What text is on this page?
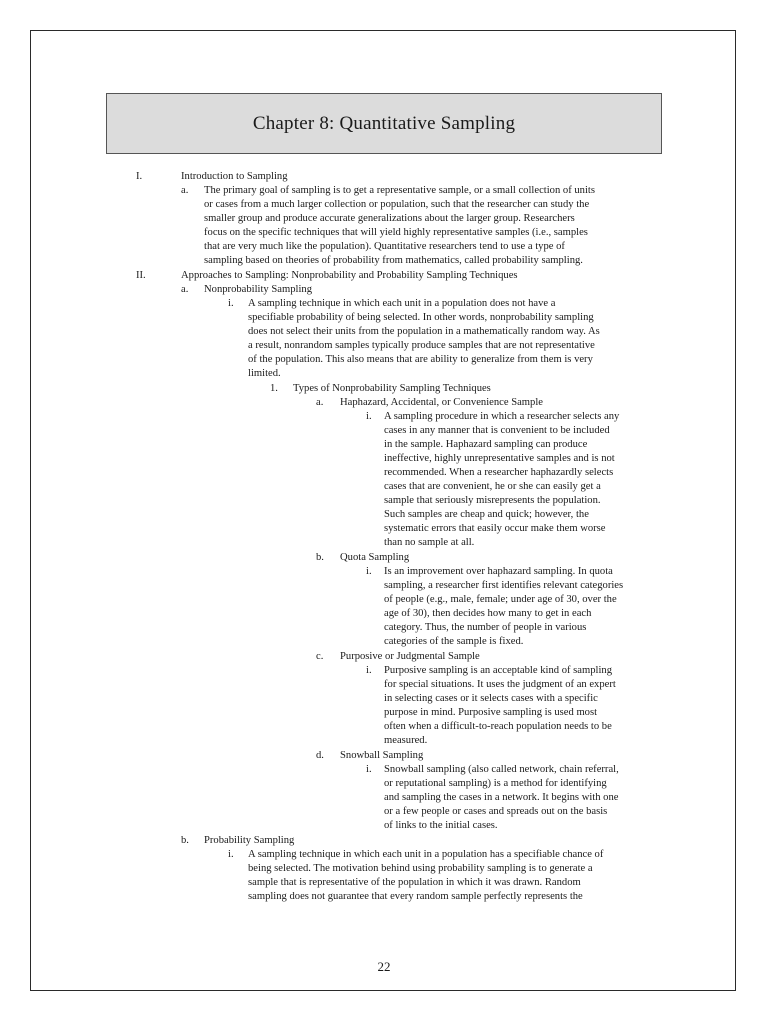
Chapter 8: Quantitative Sampling
I.	Introduction to Sampling
a. The primary goal of sampling is to get a representative sample, or a small collection of units
or cases from a much larger collection or population, such that the researcher can study the
smaller group and produce accurate generalizations about the larger group. Researchers
focus on the specific techniques that will yield highly representative samples (i.e., samples
that are very much like the population). Quantitative researchers tend to use a type of
sampling based on theories of probability from mathematics, called probability sampling.
II.	Approaches to Sampling: Nonprobability and Probability Sampling Techniques
a. Nonprobability Sampling
i. A sampling technique in which each unit in a population does not have a
specifiable probability of being selected. In other words, nonprobability sampling
does not select their units from the population in a mathematically random way. As
a result, nonrandom samples typically produce samples that are not representative
of the population. This also means that are ability to generalize from them is very
limited.
1. Types of Nonprobability Sampling Techniques
a. Haphazard, Accidental, or Convenience Sample
i. A sampling procedure in which a researcher selects any
cases in any manner that is convenient to be included
in the sample. Haphazard sampling can produce
ineffective, highly unrepresentative samples and is not
recommended. When a researcher haphazardly selects
cases that are convenient, he or she can easily get a
sample that seriously misrepresents the population.
Such samples are cheap and quick; however, the
systematic errors that easily occur make them worse
than no sample at all.
b. Quota Sampling
i. Is an improvement over haphazard sampling. In quota
sampling, a researcher first identifies relevant categories
of people (e.g., male, female; under age of 30, over the
age of 30), then decides how many to get in each
category. Thus, the number of people in various
categories of the sample is fixed.
c. Purposive or Judgmental Sample
i. Purposive sampling is an acceptable kind of sampling
for special situations. It uses the judgment of an expert
in selecting cases or it selects cases with a specific
purpose in mind. Purposive sampling is used most
often when a difficult-to-reach population needs to be
measured.
d. Snowball Sampling
i. Snowball sampling (also called network, chain referral,
or reputational sampling) is a method for identifying
and sampling the cases in a network. It begins with one
or a few people or cases and spreads out on the basis
of links to the initial cases.
b. Probability Sampling
i. A sampling technique in which each unit in a population has a specifiable chance of
being selected. The motivation behind using probability sampling is to generate a
sample that is representative of the population in which it was drawn. Random
sampling does not guarantee that every random sample perfectly represents the
22
